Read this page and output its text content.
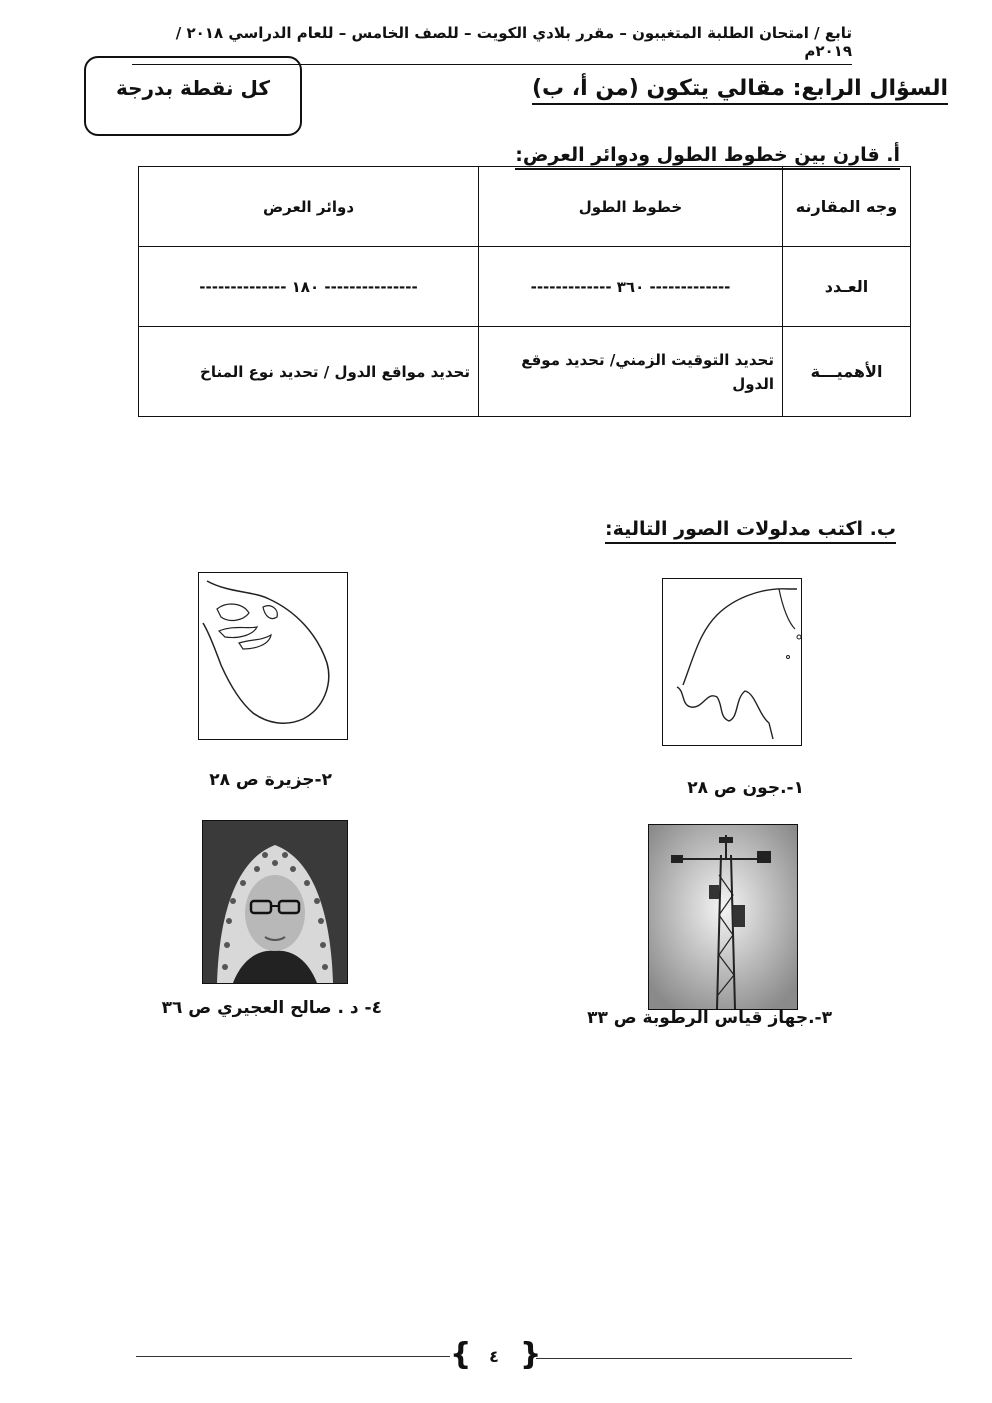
تابع / امتحان الطلبة المتغيبون – مقرر بلادي الكويت – للصف الخامس – للعام الدراسي ٢٠١٨ / ٢٠١٩م
كل نقطة بدرجة	السؤال الرابع: مقالي يتكون (من أ، ب)
أ. قارن بين خطوط الطول ودوائر العرض:
وجه المقارنه	خطوط الطول	دوائر العرض
العـدد	------------- ٣٦٠ -------------	--------------- ١٨٠ --------------
الأهميـــة	تحديد التوقيت الزمني/ تحديد موقع الدول	تحديد مواقع الدول / تحديد نوع المناخ
ب. اكتب مدلولات الصور التالية:
١-.جون ص ٢٨
٢-جزيرة ص ٢٨
٣-.جهاز قياس الرطوبة ص ٣٣
٤- د . صالح العجيري ص ٣٦
{ }
٤
